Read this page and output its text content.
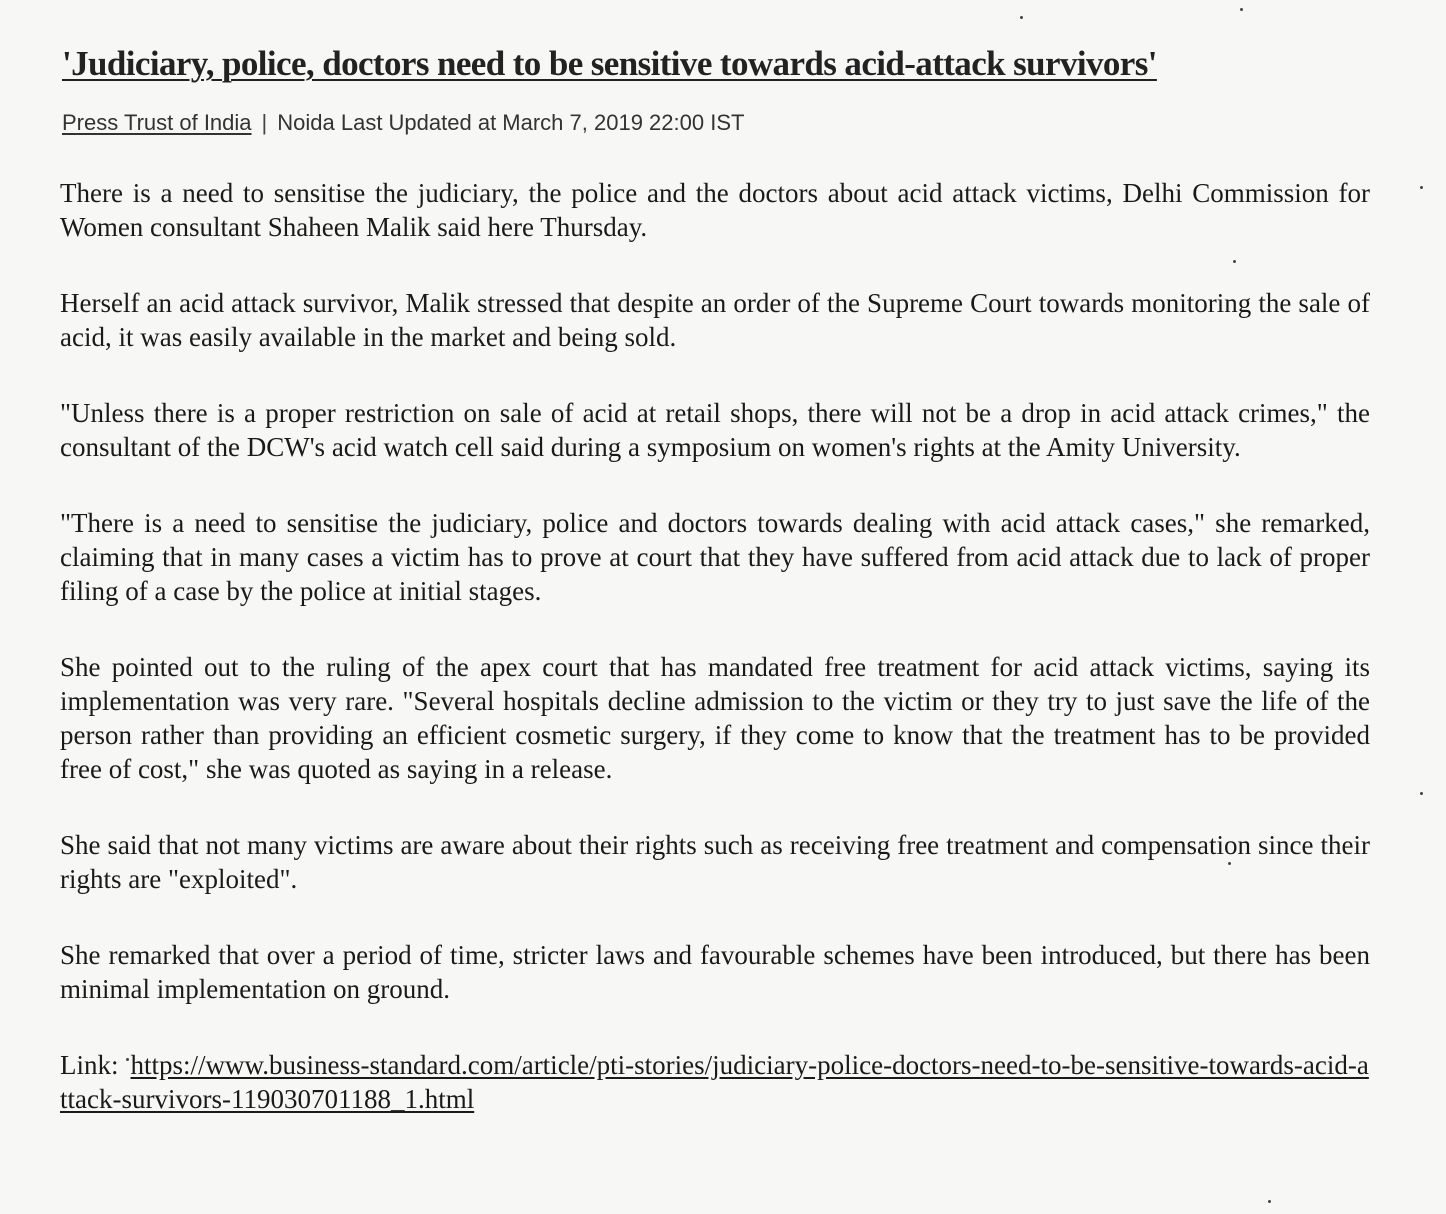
'Judiciary, police, doctors need to be sensitive towards acid-attack survivors'
Press Trust of India | Noida Last Updated at March 7, 2019 22:00 IST

There is a need to sensitise the judiciary, the police and the doctors about acid attack victims, Delhi Commission for Women consultant Shaheen Malik said here Thursday.

Herself an acid attack survivor, Malik stressed that despite an order of the Supreme Court towards monitoring the sale of acid, it was easily available in the market and being sold.

"Unless there is a proper restriction on sale of acid at retail shops, there will not be a drop in acid attack crimes," the consultant of the DCW's acid watch cell said during a symposium on women's rights at the Amity University.

"There is a need to sensitise the judiciary, police and doctors towards dealing with acid attack cases," she remarked, claiming that in many cases a victim has to prove at court that they have suffered from acid attack due to lack of proper filing of a case by the police at initial stages.

She pointed out to the ruling of the apex court that has mandated free treatment for acid attack victims, saying its implementation was very rare. "Several hospitals decline admission to the victim or they try to just save the life of the person rather than providing an efficient cosmetic surgery, if they come to know that the treatment has to be provided free of cost," she was quoted as saying in a release.

She said that not many victims are aware about their rights such as receiving free treatment and compensation since their rights are "exploited".

She remarked that over a period of time, stricter laws and favourable schemes have been introduced, but there has been minimal implementation on ground.

Link: https://www.business-standard.com/article/pti-stories/judiciary-police-doctors-need-to-be-sensitive-towards-acid-attack-survivors-119030701188_1.html
